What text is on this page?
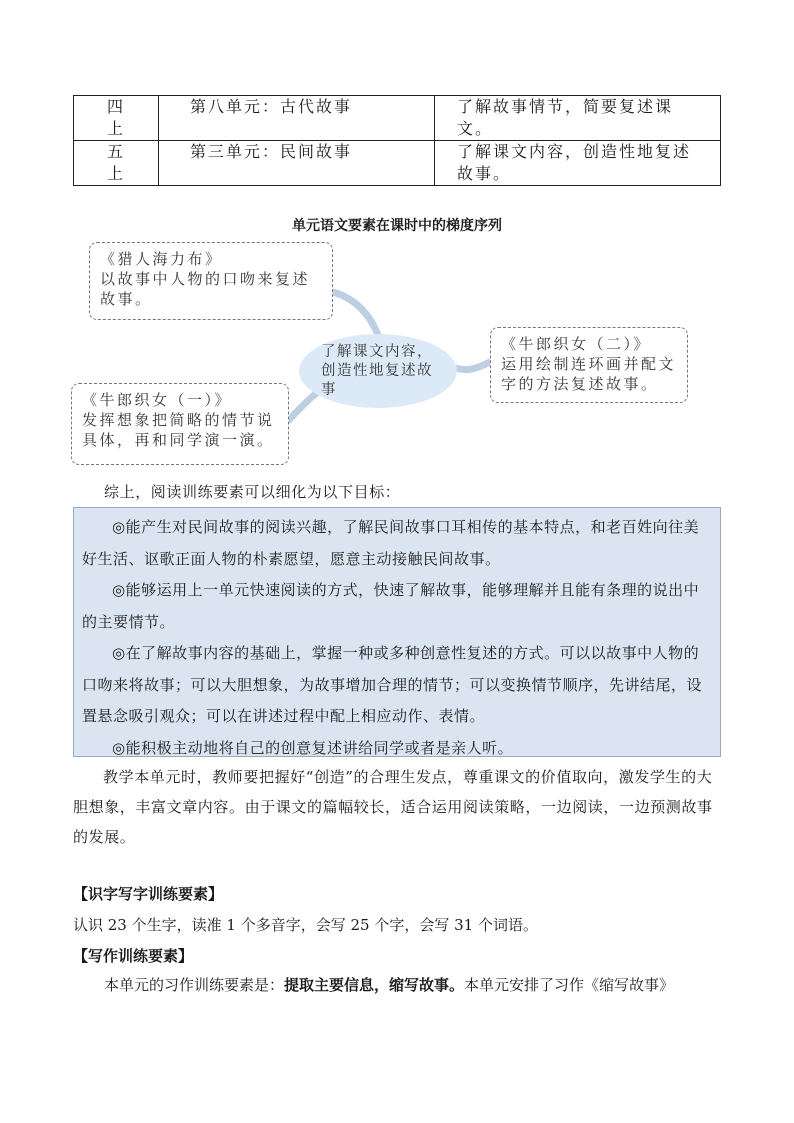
四上	第八单元：古代故事	了解故事情节，简要复述课文。

五上	第三单元：民间故事	了解课文内容，创造性地复述故事。
单元语文要素在课时中的梯度序列
《猎人海力布》
以故事中人物的口吻来复述故事。
了解课文内容，创造性地复述故事
《牛郎织女（二）》
运用绘制连环画并配文字的方法复述故事。
《牛郎织女（一）》
发挥想象把简略的情节说具体，再和同学演一演。
综上，阅读训练要素可以细化为以下目标：

◎能产生对民间故事的阅读兴趣，了解民间故事口耳相传的基本特点，和老百姓向往美好生活、讴歌正面人物的朴素愿望，愿意主动接触民间故事。

◎能够运用上一单元快速阅读的方式，快速了解故事，能够理解并且能有条理的说出中的主要情节。

◎在了解故事内容的基础上，掌握一种或多种创意性复述的方式。可以以故事中人物的口吻来将故事；可以大胆想象，为故事增加合理的情节；可以变换情节顺序，先讲结尾，设置悬念吸引观众；可以在讲述过程中配上相应动作、表情。

◎能积极主动地将自己的创意复述讲给同学或者是亲人听。

教学本单元时，教师要把握好“创造”的合理生发点，尊重课文的价值取向，激发学生的大胆想象，丰富文章内容。由于课文的篇幅较长，适合运用阅读策略，一边阅读，一边预测故事的发展。

【识字写字训练要素】
认识 23 个生字，读准 1 个多音字，会写 25 个字，会写 31 个词语。
【写作训练要素】
本单元的习作训练要素是：提取主要信息，缩写故事。本单元安排了习作《缩写故事》
